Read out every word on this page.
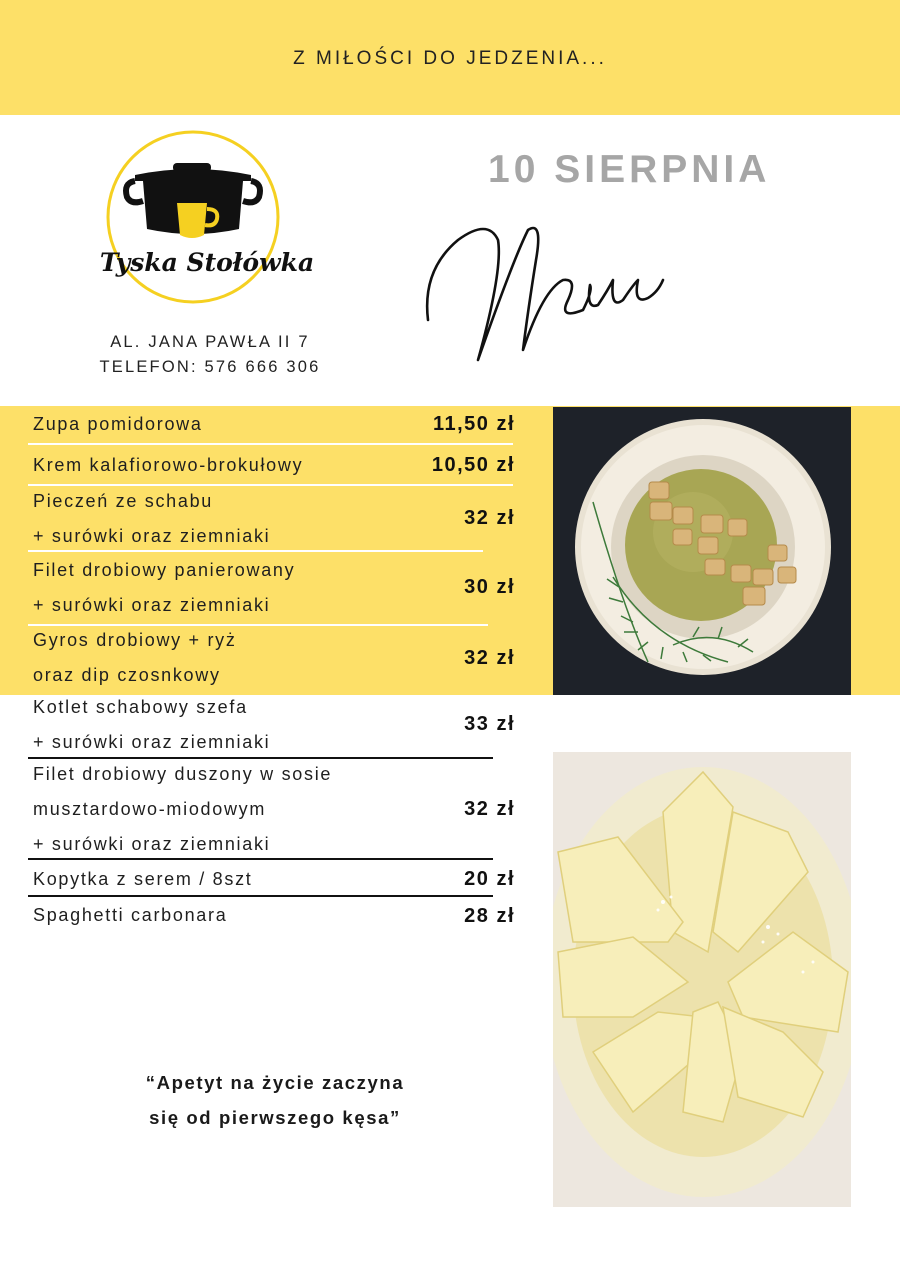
Z MIŁOŚCI DO JEDZENIA...
Tyska Stołówka
AL. JANA PAWŁA II 7
TELEFON: 576 666 306
10 SIERPNIA
Zupa pomidorowa	11,50 zł
Krem kalafiorowo-brokułowy	10,50 zł
Pieczeń ze schabu
+ surówki oraz ziemniaki
32 zł
Filet drobiowy panierowany
+ surówki oraz ziemniaki
30 zł
Gyros drobiowy + ryż
oraz dip czosnkowy
32 zł
Kotlet schabowy szefa
+ surówki oraz ziemniaki
33 zł
Filet drobiowy duszony w sosie
musztardowo-miodowym
+ surówki oraz ziemniaki
32 zł
Kopytka z serem / 8szt	20 zł
Spaghetti carbonara	28 zł
“Apetyt na życie zaczyna
się od pierwszego kęsa”
